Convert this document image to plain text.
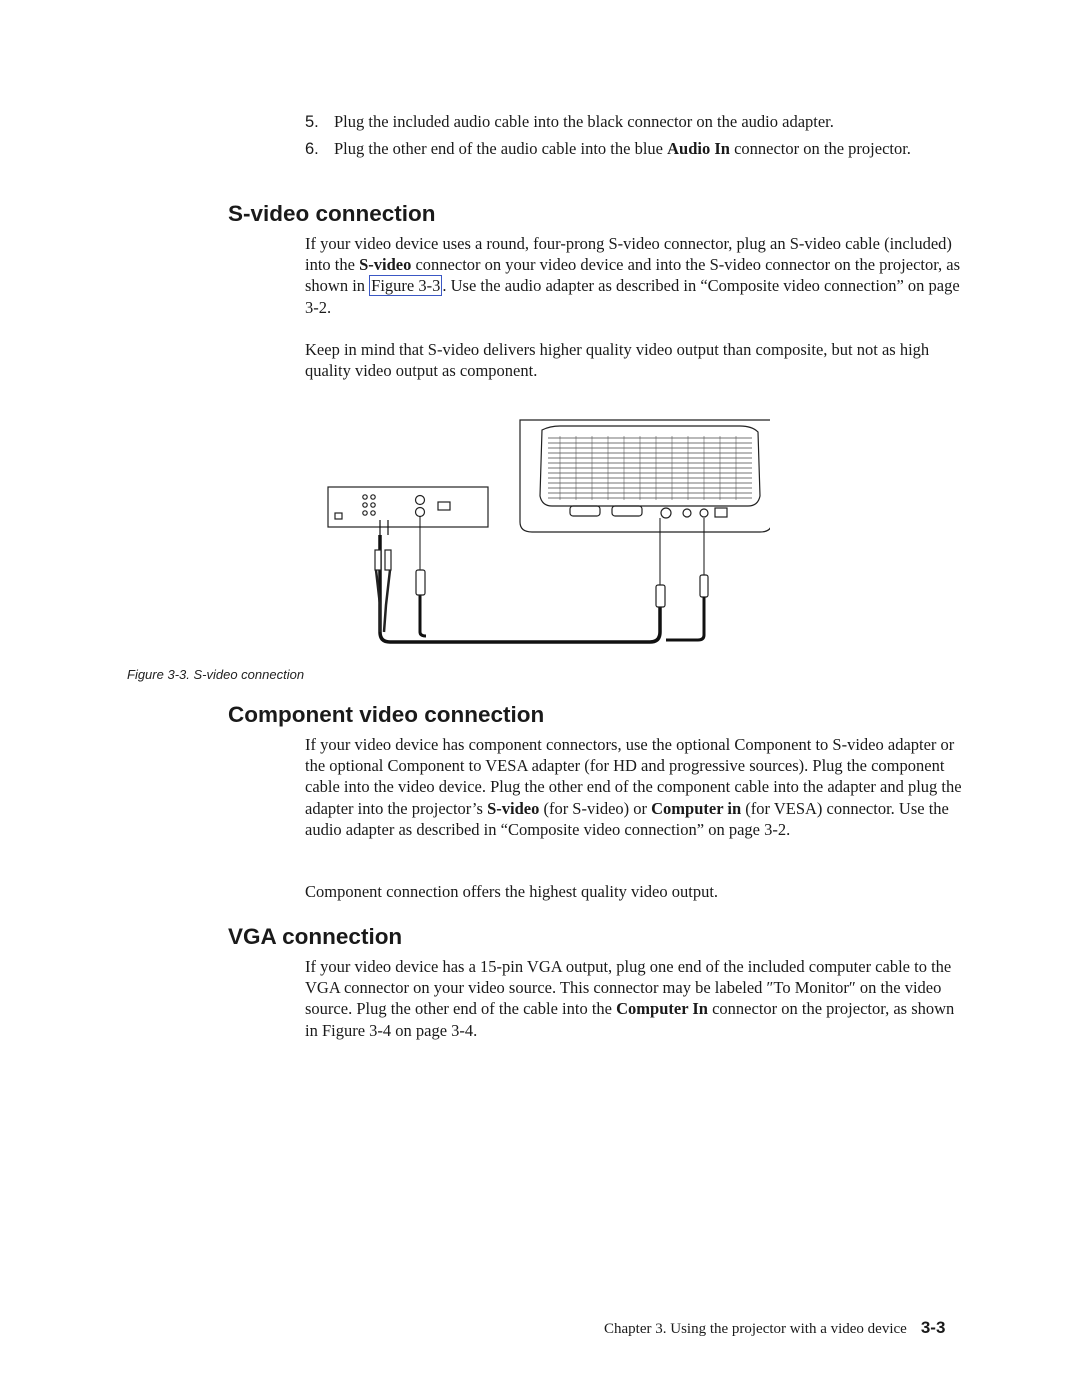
5. Plug the included audio cable into the black connector on the audio adapter.
6. Plug the other end of the audio cable into the blue Audio In connector on the projector.
S-video connection

If your video device uses a round, four-prong S-video connector, plug an S-video cable (included) into the S-video connector on your video device and into the S-video connector on the projector, as shown in Figure 3-3 . Use the audio adapter as described in “Composite video connection” on page 3-2.

Keep in mind that S-video delivers higher quality video output than composite, but not as high quality video output as component.

Figure 3-3. S-video connection
Component video connection

If your video device has component connectors, use the optional Component to S-video adapter or the optional Component to VESA adapter (for HD and progressive sources). Plug the component cable into the video device. Plug the other end of the component cable into the adapter and plug the adapter into the projector’s S-video (for S-video) or Computer in (for VESA) connector. Use the audio adapter as described in “Composite video connection” on page 3-2.

Component connection offers the highest quality video output.

VGA connection

If your video device has a 15-pin VGA output, plug one end of the included computer cable to the VGA connector on your video source. This connector may be labeled ″To Monitor″ on the video source. Plug the other end of the cable into the Computer In connector on the projector, as shown in Figure 3-4 on page 3-4.

Chapter 3. Using the projector with a video device 3-3
